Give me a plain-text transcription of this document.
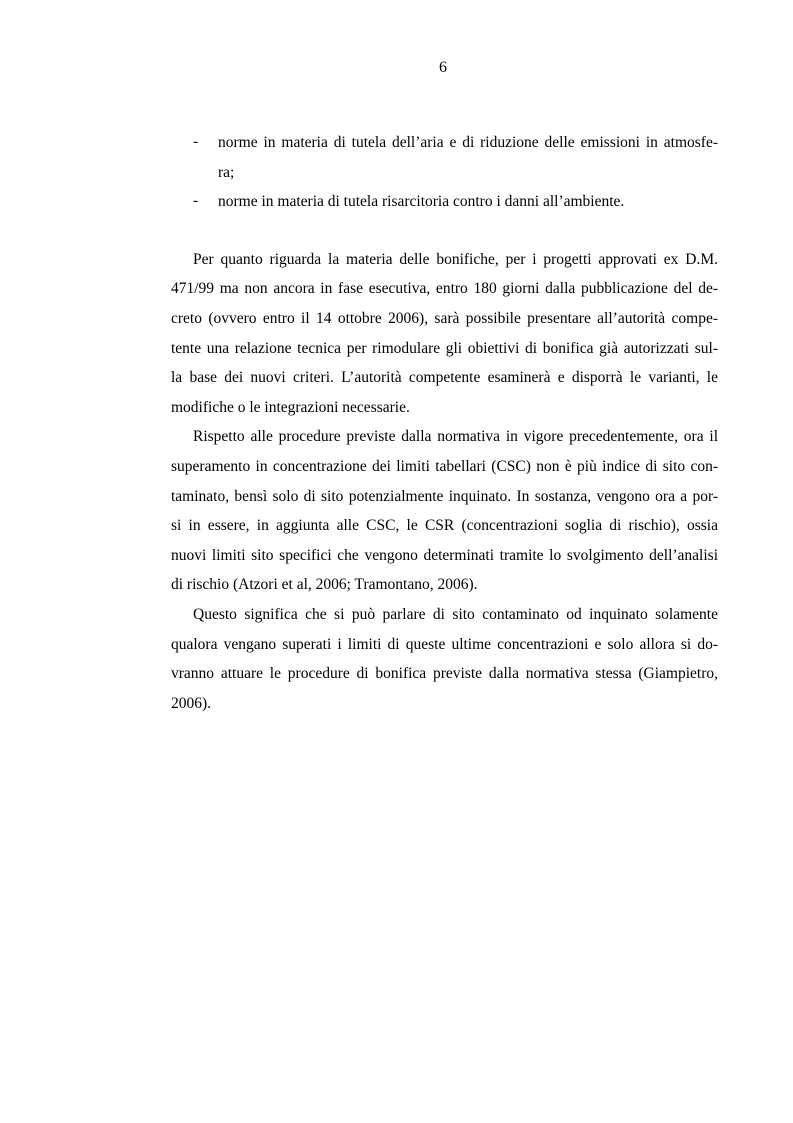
6
- norme in materia di tutela dell’aria e di riduzione delle emissioni in atmosfe-
ra;
- norme in materia di tutela risarcitoria contro i danni all’ambiente.
Per quanto riguarda la materia delle bonifiche, per i progetti approvati ex D.M.
471/99 ma non ancora in fase esecutiva, entro 180 giorni dalla pubblicazione del de-
creto (ovvero entro il 14 ottobre 2006), sarà possibile presentare all’autorità compe-
tente una relazione tecnica per rimodulare gli obiettivi di bonifica già autorizzati sul-
la base dei nuovi criteri. L’autorità competente esaminerà e disporrà le varianti, le
modifiche o le integrazioni necessarie.
Rispetto alle procedure previste dalla normativa in vigore precedentemente, ora il
superamento in concentrazione dei limiti tabellari (CSC) non è più indice di sito con-
taminato, bensì solo di sito potenzialmente inquinato. In sostanza, vengono ora a por-
si in essere, in aggiunta alle CSC, le CSR (concentrazioni soglia di rischio), ossia
nuovi limiti sito specifici che vengono determinati tramite lo svolgimento dell’analisi
di rischio (Atzori et al, 2006; Tramontano, 2006).
Questo significa che si può parlare di sito contaminato od inquinato solamente
qualora vengano superati i limiti di queste ultime concentrazioni e solo allora si do-
vranno attuare le procedure di bonifica previste dalla normativa stessa (Giampietro,
2006).
